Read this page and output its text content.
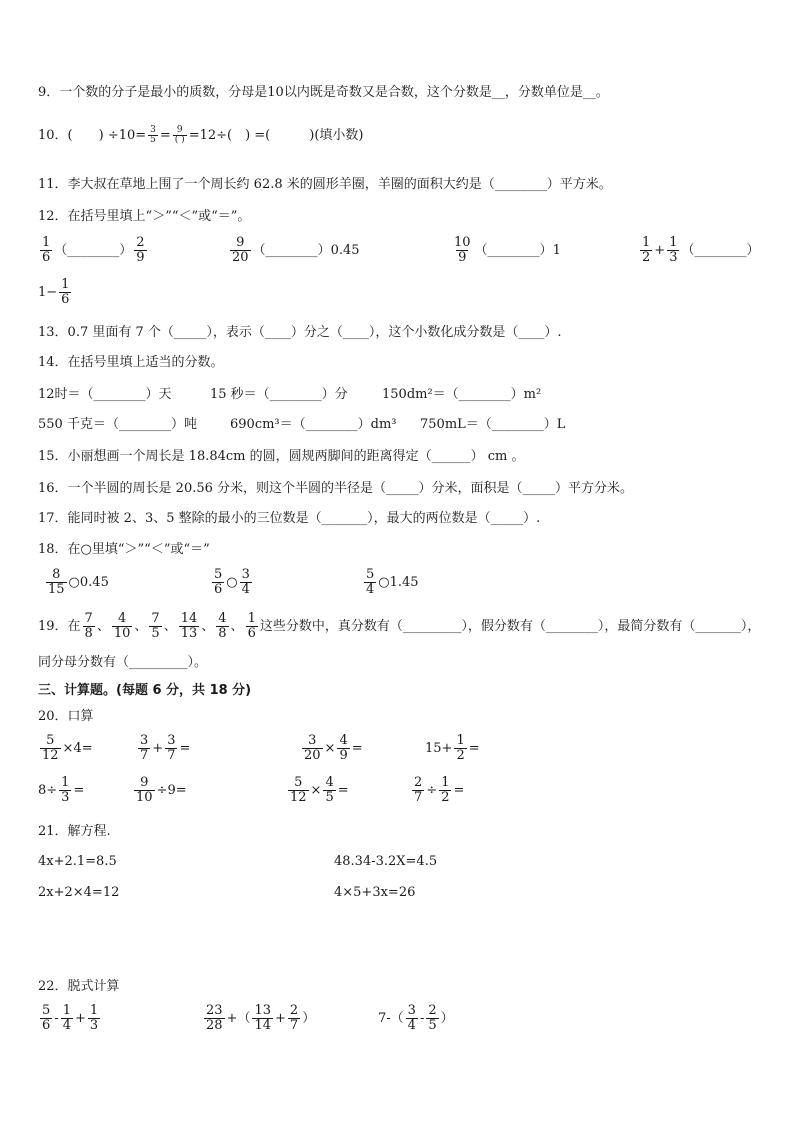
9．一个数的分子是最小的质数，分母是10以内既是奇数又是合数，这个分数是__，分数单位是__。
10．(　　) $\div 10= \frac{3}{5} = \frac{9}{( )} =12\div$(　) =(　　　)(填小数)
11．李大叔在草地上围了一个周长约 62.8 米的圆形羊圈，羊圈的面积大约是（________）平方米。
12．在括号里填上“＞”“＜”或“＝”。
$\frac{1}{6}$ （________） $\frac{2}{9}$	$\frac{9}{20}$ （________）0.45	$\frac{10}{9}$ （________）1	$\frac{1}{2} + \frac{1}{3}$ （________）
$1- \frac{1}{6}$
13．0.7 里面有 7 个（_____），表示（____）分之（____），这个小数化成分数是（____）.
14．在括号里填上适当的分数。
12时＝（________）天	15 秒＝（________）分	150dm²＝（________）m²
550 千克＝（________）吨	690cm³＝（________）dm³ 750mL＝（________）L
15．小丽想画一个周长是 18.84cm 的圆，圆规两脚间的距离得定（______） cm 。
16．一个半圆的周长是 20.56 分米，则这个半圆的半径是（_____）分米，面积是（_____）平方分米。
17．能同时被 2、3、5 整除的最小的三位数是（_______），最大的两位数是（_____）.
18．在○里填“＞”“＜”或“＝”
$\frac{8}{15}$ ○0.45	$\frac{5}{6}$ ○ $\frac{3}{4}$	$\frac{5}{4}$ ○1.45
19．在 $\frac{7}{8}$ 、 $\frac{4}{10}$ 、 $\frac{7}{5}$ 、 $\frac{14}{13}$ 、 $\frac{4}{8}$ 、 $\frac{1}{6}$ 这些分数中，真分数有（_________），假分数有（________），最简分数有（_______），
同分母分数有（_________）。
三、计算题。(每题 6 分，共 18 分)
20．口算
$\frac{5}{12} \times 4=$	$\frac{3}{7} + \frac{3}{7}$ =	$\frac{3}{20} \times \frac{4}{9}$ =	$15+ \frac{1}{2}$ =
$8\div \frac{1}{3}$ =	$\frac{9}{10} \div 9=$	$\frac{5}{12} \times \frac{4}{5}$ =	$\frac{2}{7} \div \frac{1}{2}$ =
21．解方程.
4x+2.1=8.5	48.34-3.2X=4.5
2x+2×4=12	4×5+3x=26
22．脱式计算
$\frac{5}{6} - \frac{1}{4} + \frac{1}{3}$	$\frac{23}{28}$ +（ $\frac{13}{14} + \frac{2}{7}$ ）	$7-( \frac{3}{4} - \frac{2}{5}$ ）
